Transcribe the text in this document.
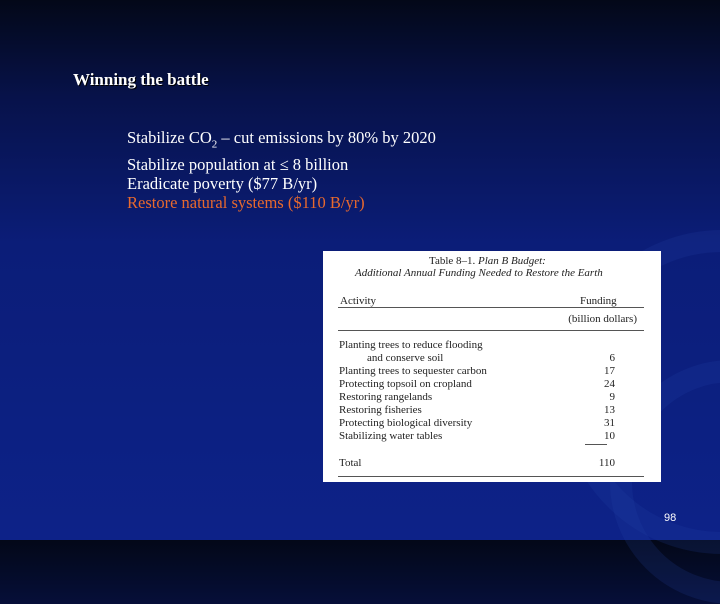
Winning the battle
Stabilize $CO_2$ – cut emissions by 80% by 2020
Stabilize population at ≤ 8 billion
Eradicate poverty ($77 B/yr)
Restore natural systems ($110 B/yr)
Table 8–1. Plan B Budget:
Additional Annual Funding Needed to Restore the Earth
Activity	Funding
(billion dollars)
Planting trees to reduce flooding
and conserve soil	6
Planting trees to sequester carbon	17
Protecting topsoil on cropland	24
Restoring rangelands	9
Restoring fisheries	13
Protecting biological diversity	31
Stabilizing water tables	10
Total	110
98
